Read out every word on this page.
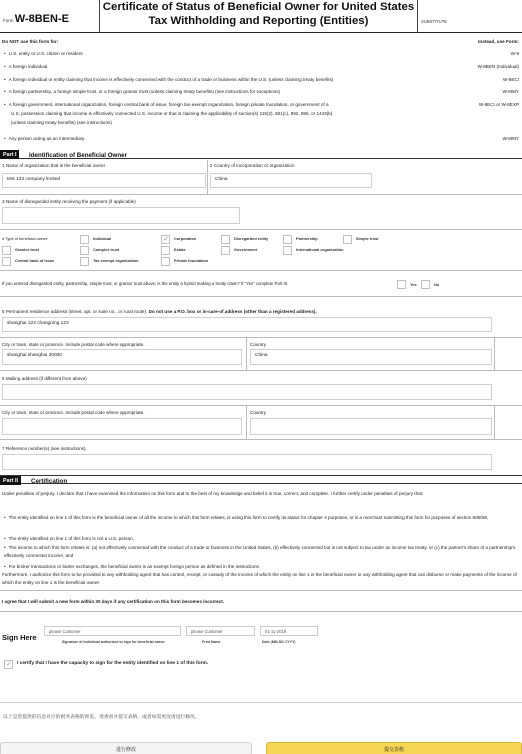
Form W-8BEN-E
Certificate of Status of Beneficial Owner for United States
Tax Withholding and Reporting (Entities)	SUBSTITUTE
Do NOT use this form for:	Instead, use Form:
• U.S. entity or U.S. citizen or resident	W-9
• A foreign individual	W-8BEN (Individual)
• A foreign individual or entity claiming that income is effectively connected with the conduct of a trade or business within the U.S. (unless claiming treaty benefits)	W-8ECI
• A foreign partnership, a foreign simple trust, or a foreign grantor trust (unless claiming treaty benefits) (see instructions for exceptions)	W-8IMY
• A foreign government, international organization, foreign central bank of issue, foreign tax-exempt organization, foreign private foundation, or government of a	W-8ECI or W-8EXP
U.S. possession claiming that income is effectively connected U.S. income or that is claiming the applicability of section(s) 115(2), 501(c), 892, 895, or 1443(b)
(unless claiming treaty benefits) (see instructions)
• Any person acting as an intermediary	W-8IMY
Part I	Identification of Beneficial Owner
1 Name of organization that is the beneficial owner
test 123 company limited
2 Country of incorporation or organization
China
3 Name of disregarded entity receiving the payment (if applicable)
4 Type of beneficial owner:	Individual
✓	Corporation	Disregarded entity	Partnership	Simple trust
Grantor trust	Complex trust	Estate	Government	International organization
Central bank of issue	Tax-exempt organization	Private foundation
If you entered disregarded entity, partnership, simple trust, or grantor trust above, is the entity a hybrid making a treaty claim? If "Yes" complete Part III.	Yes	No
5 Permanent residence address (street, apt. or suite no., or rural route). Do not use a P.O. box or in-care-of address (other than a registered address).
shanghai 123 changning 123
City or town, state or province. Include postal code where appropriate.
shanghai shanghai 20000
Country
China
6 Mailing address (if different from above)
City or town, state or province. Include postal code where appropriate.	Country
7 Reference number(s) (see instructions)
Part II	Certification
Under penalties of perjury, I declare that I have examined the information on this form and to the best of my knowledge and belief it is true, correct, and complete. I further certify under penalties of perjury that:
• The entity identified on line 1 of this form is the beneficial owner of all the income to which this form relates, is using this form to certify its status for chapter 4 purposes, or is a merchant submitting this form for purposes of section 6050W,
• The entity identified on line 1 of this form is not a U.S. person,
• The income to which this form relates is: (a) not effectively connected with the conduct of a trade or business in the United States, (b) effectively connected but is not subject to tax under an income tax treaty, or (c) the partner's share of a partnership's effectively connected income, and
• For broker transactions or barter exchanges, the beneficial owner is an exempt foreign person as defined in the instructions.
Furthermore, I authorize this form to be provided to any withholding agent that has control, receipt, or custody of the income of which the entity on line 1 is the beneficial owner or any withholding agent that can disburse or make payments of the income of which the entity on line 1 is the beneficial owner.
I agree that I will submit a new form within 30 days if any certification on this form becomes incorrect.
Sign Here
please Customer
Signature of individual authorized to sign for beneficial owner
please Customer
Print Name
01-11-2019
Date (MM-DD-YYYY)
✓
I certify that I have the capacity to sign for the entity identified on line 1 of this form.
以上是您提供的信息对应的税务表格的预览。请查看并提交表格，或者如需更改请进行修改。
进行修改	提交表格
